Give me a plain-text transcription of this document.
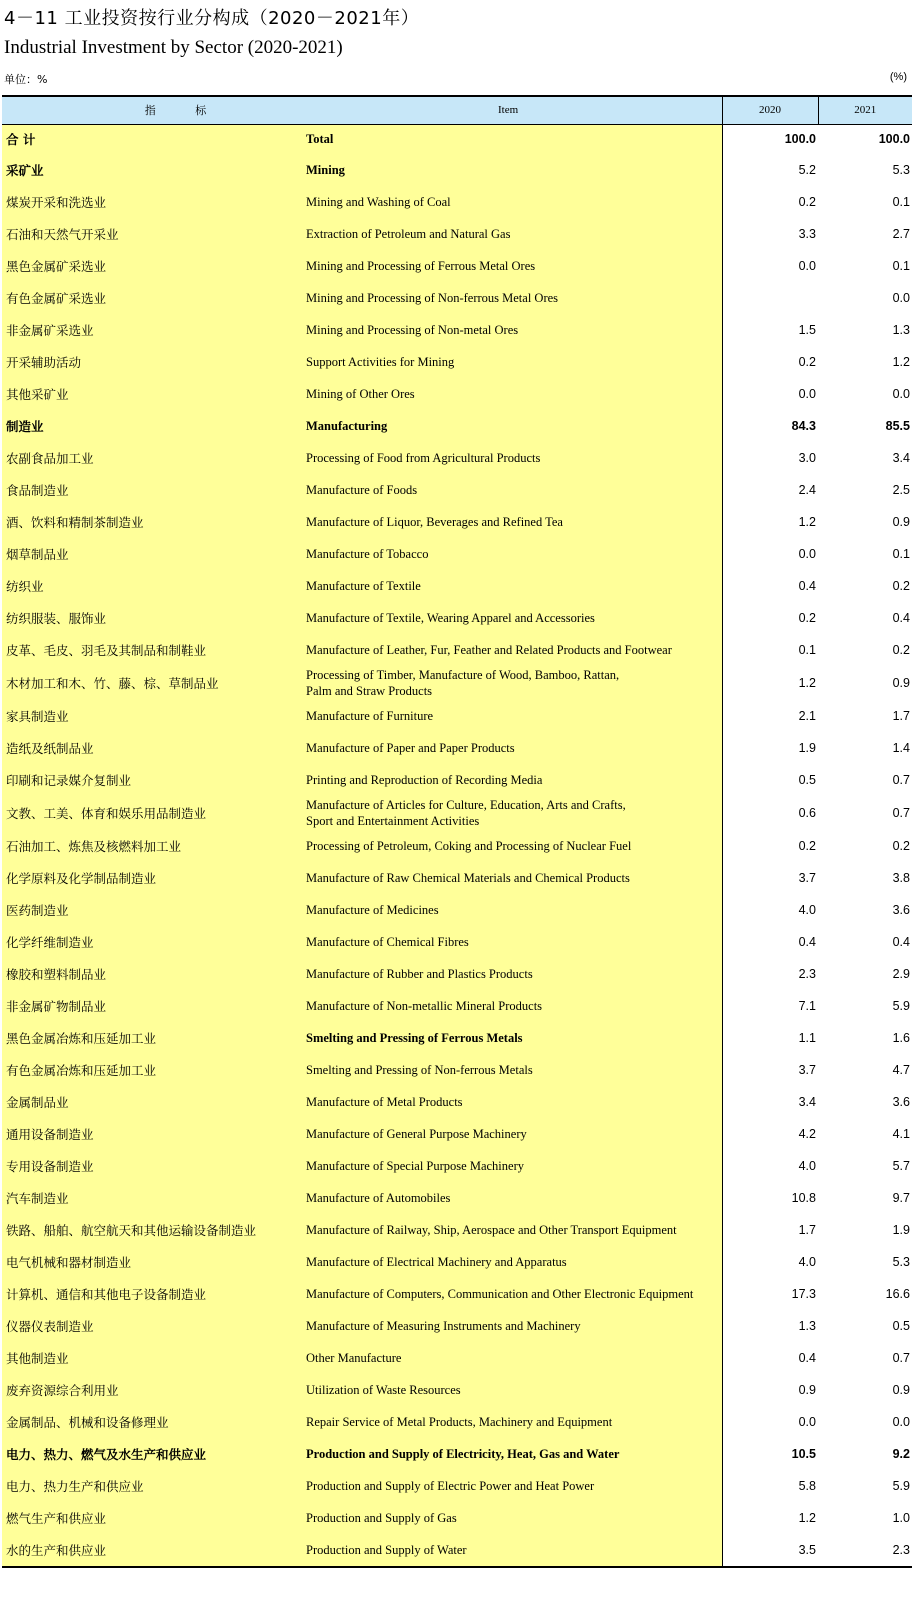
4－11 工业投资按行业分构成（2020－2021年）
Industrial Investment by Sector (2020-2021)
单位：%	(%)
指 标	Item	2020	2021
合 计	Total	100.0	100.0
采矿业	Mining	5.2	5.3
煤炭开采和洗选业	Mining and Washing of Coal	0.2	0.1
石油和天然气开采业	Extraction of Petroleum and Natural Gas	3.3	2.7
黑色金属矿采选业	Mining and Processing of Ferrous Metal Ores	0.0	0.1
有色金属矿采选业	Mining and Processing of Non-ferrous Metal Ores		0.0
非金属矿采选业	Mining and Processing of Non-metal Ores	1.5	1.3
开采辅助活动	Support Activities for Mining	0.2	1.2
其他采矿业	Mining of Other Ores	0.0	0.0
制造业	Manufacturing	84.3	85.5
农副食品加工业	Processing of Food from Agricultural Products	3.0	3.4
食品制造业	Manufacture of Foods	2.4	2.5
酒、饮料和精制茶制造业	Manufacture of Liquor, Beverages and Refined Tea	1.2	0.9
烟草制品业	Manufacture of Tobacco	0.0	0.1
纺织业	Manufacture of Textile	0.4	0.2
纺织服装、服饰业	Manufacture of Textile, Wearing Apparel and Accessories	0.2	0.4
皮革、毛皮、羽毛及其制品和制鞋业	Manufacture of Leather, Fur, Feather and Related Products and Footwear	0.1	0.2
木材加工和木、竹、藤、棕、草制品业	Processing of Timber, Manufacture of Wood, Bamboo, Rattan,
Palm and Straw Products	1.2	0.9
家具制造业	Manufacture of Furniture	2.1	1.7
造纸及纸制品业	Manufacture of Paper and Paper Products	1.9	1.4
印刷和记录媒介复制业	Printing and Reproduction of Recording Media	0.5	0.7
文教、工美、体育和娱乐用品制造业	Manufacture of Articles for Culture, Education, Arts and Crafts,
Sport and Entertainment Activities	0.6	0.7
石油加工、炼焦及核燃料加工业	Processing of Petroleum, Coking and Processing of Nuclear Fuel	0.2	0.2
化学原料及化学制品制造业	Manufacture of Raw Chemical Materials and Chemical Products	3.7	3.8
医药制造业	Manufacture of Medicines	4.0	3.6
化学纤维制造业	Manufacture of Chemical Fibres	0.4	0.4
橡胶和塑料制品业	Manufacture of Rubber and Plastics Products	2.3	2.9
非金属矿物制品业	Manufacture of Non-metallic Mineral Products	7.1	5.9
黑色金属冶炼和压延加工业	Smelting and Pressing of Ferrous Metals	1.1	1.6
有色金属冶炼和压延加工业	Smelting and Pressing of Non-ferrous Metals	3.7	4.7
金属制品业	Manufacture of Metal Products	3.4	3.6
通用设备制造业	Manufacture of General Purpose Machinery	4.2	4.1
专用设备制造业	Manufacture of Special Purpose Machinery	4.0	5.7
汽车制造业	Manufacture of Automobiles	10.8	9.7
铁路、船舶、航空航天和其他运输设备制造业	Manufacture of Railway, Ship, Aerospace and Other Transport Equipment	1.7	1.9
电气机械和器材制造业	Manufacture of Electrical Machinery and Apparatus	4.0	5.3
计算机、通信和其他电子设备制造业	Manufacture of Computers, Communication and Other Electronic Equipment	17.3	16.6
仪器仪表制造业	Manufacture of Measuring Instruments and Machinery	1.3	0.5
其他制造业	Other Manufacture	0.4	0.7
废弃资源综合利用业	Utilization of Waste Resources	0.9	0.9
金属制品、机械和设备修理业	Repair Service of Metal Products, Machinery and Equipment	0.0	0.0
电力、热力、燃气及水生产和供应业	Production and Supply of Electricity, Heat, Gas and Water	10.5	9.2
电力、热力生产和供应业	Production and Supply of Electric Power and Heat Power	5.8	5.9
燃气生产和供应业	Production and Supply of Gas	1.2	1.0
水的生产和供应业	Production and Supply of Water	3.5	2.3
